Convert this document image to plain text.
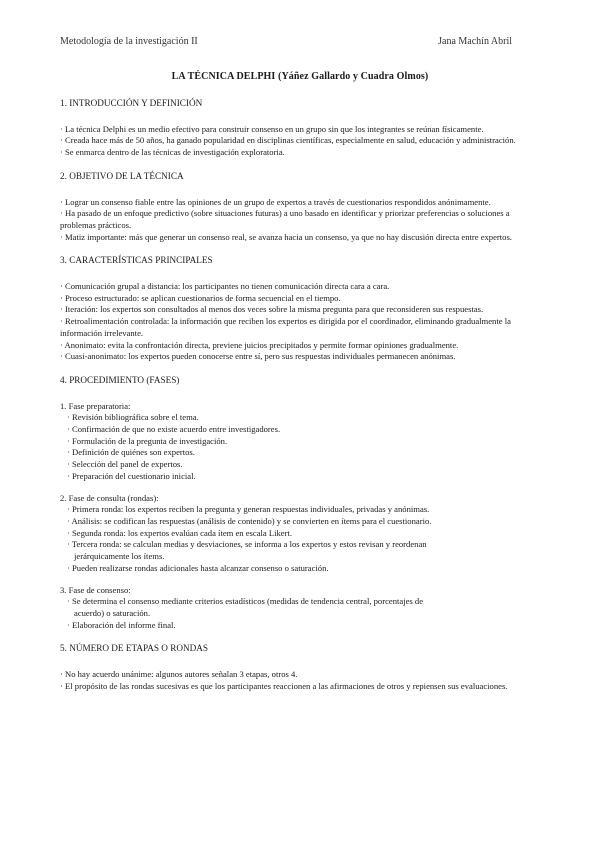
Metodología de la investigación II	Jana Machín Abril
LA TÉCNICA DELPHI (Yáñez Gallardo y Cuadra Olmos)

1. INTRODUCCIÓN Y DEFINICIÓN

· La técnica Delphi es un medio efectivo para construir consenso en un grupo sin que los integrantes se reúnan físicamente.

· Creada hace más de 50 años, ha ganado popularidad en disciplinas científicas, especialmente en salud, educación y administración.

· Se enmarca dentro de las técnicas de investigación exploratoria.

2. OBJETIVO DE LA TÉCNICA

· Lograr un consenso fiable entre las opiniones de un grupo de expertos a través de cuestionarios respondidos anónimamente.

· Ha pasado de un enfoque predictivo (sobre situaciones futuras) a uno basado en identificar y priorizar preferencias o soluciones a

problemas prácticos.

· Matiz importante: más que generar un consenso real, se avanza hacia un consenso, ya que no hay discusión directa entre expertos.

3. CARACTERÍSTICAS PRINCIPALES

· Comunicación grupal a distancia: los participantes no tienen comunicación directa cara a cara.

· Proceso estructurado: se aplican cuestionarios de forma secuencial en el tiempo.

· Iteración: los expertos son consultados al menos dos veces sobre la misma pregunta para que reconsideren sus respuestas.

· Retroalimentación controlada: la información que reciben los expertos es dirigida por el coordinador, eliminando gradualmente la

información irrelevante.

· Anonimato: evita la confrontación directa, previene juicios precipitados y permite formar opiniones gradualmente.

· Cuasi-anonimato: los expertos pueden conocerse entre sí, pero sus respuestas individuales permanecen anónimas.

4. PROCEDIMIENTO (FASES)

1. Fase preparatoria:

· Revisión bibliográfica sobre el tema.

· Confirmación de que no existe acuerdo entre investigadores.

· Formulación de la pregunta de investigación.

· Definición de quiénes son expertos.

· Selección del panel de expertos.

· Preparación del cuestionario inicial.

2. Fase de consulta (rondas):

· Primera ronda: los expertos reciben la pregunta y generan respuestas individuales, privadas y anónimas.

· Análisis: se codifican las respuestas (análisis de contenido) y se convierten en ítems para el cuestionario.

· Segunda ronda: los expertos evalúan cada ítem en escala Likert.

· Tercera ronda: se calculan medias y desviaciones, se informa a los expertos y estos revisan y reordenan

jerárquicamente los ítems.

· Pueden realizarse rondas adicionales hasta alcanzar consenso o saturación.

3. Fase de consenso:

· Se determina el consenso mediante criterios estadísticos (medidas de tendencia central, porcentajes de

acuerdo) o saturación.

· Elaboración del informe final.

5. NÚMERO DE ETAPAS O RONDAS

· No hay acuerdo unánime: algunos autores señalan 3 etapas, otros 4.

· El propósito de las rondas sucesivas es que los participantes reaccionen a las afirmaciones de otros y repiensen sus evaluaciones.
